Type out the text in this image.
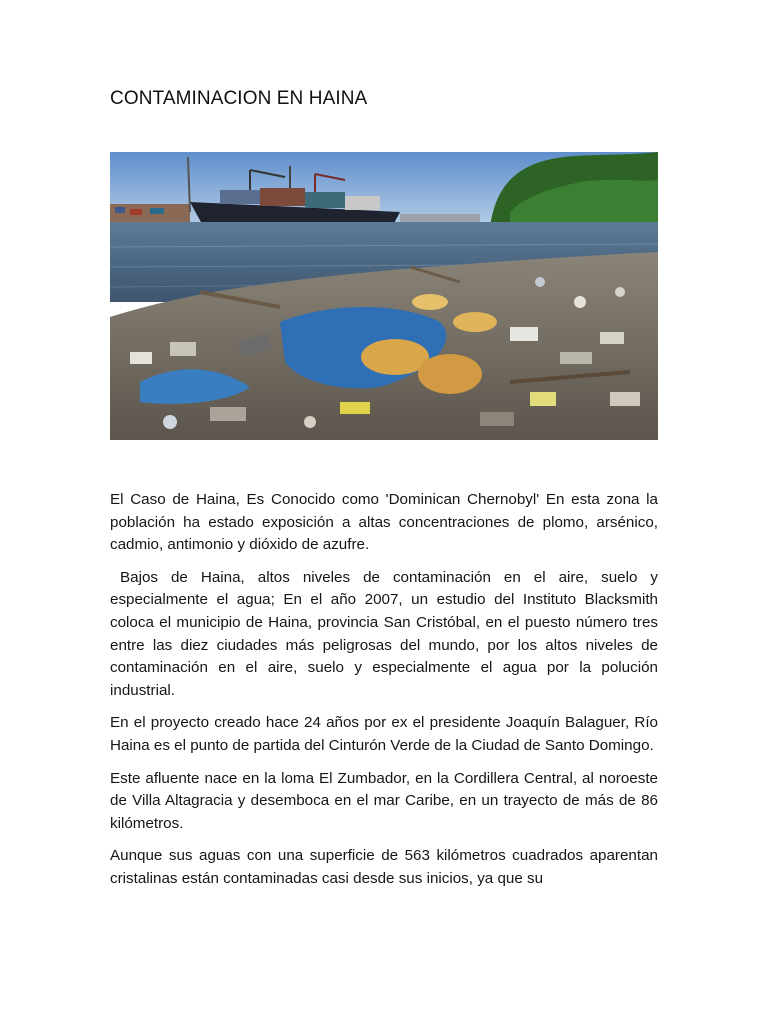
CONTAMINACION EN HAINA

El Caso de Haina, Es Conocido como 'Dominican Chernobyl' En esta zona la población ha estado exposición a altas concentraciones de plomo, arsénico, cadmio, antimonio y dióxido de azufre.

Bajos de Haina, altos niveles de contaminación en el aire, suelo y especialmente el agua; En el año 2007, un estudio del Instituto Blacksmith coloca el municipio de Haina, provincia San Cristóbal, en el puesto número tres entre las diez ciudades más peligrosas del mundo, por los altos niveles de contaminación en el aire, suelo y especialmente el agua por la polución industrial.

En el proyecto creado hace 24 años por ex el presidente Joaquín Balaguer, Río Haina es el punto de partida del Cinturón Verde de la Ciudad de Santo Domingo.

Este afluente nace en la loma El Zumbador, en la Cordillera Central, al noroeste de Villa Altagracia y desemboca en el mar Caribe, en un trayecto de más de 86 kilómetros.

Aunque sus aguas con una superficie de 563 kilómetros cuadrados aparentan cristalinas están contaminadas casi desde sus inicios, ya que su
